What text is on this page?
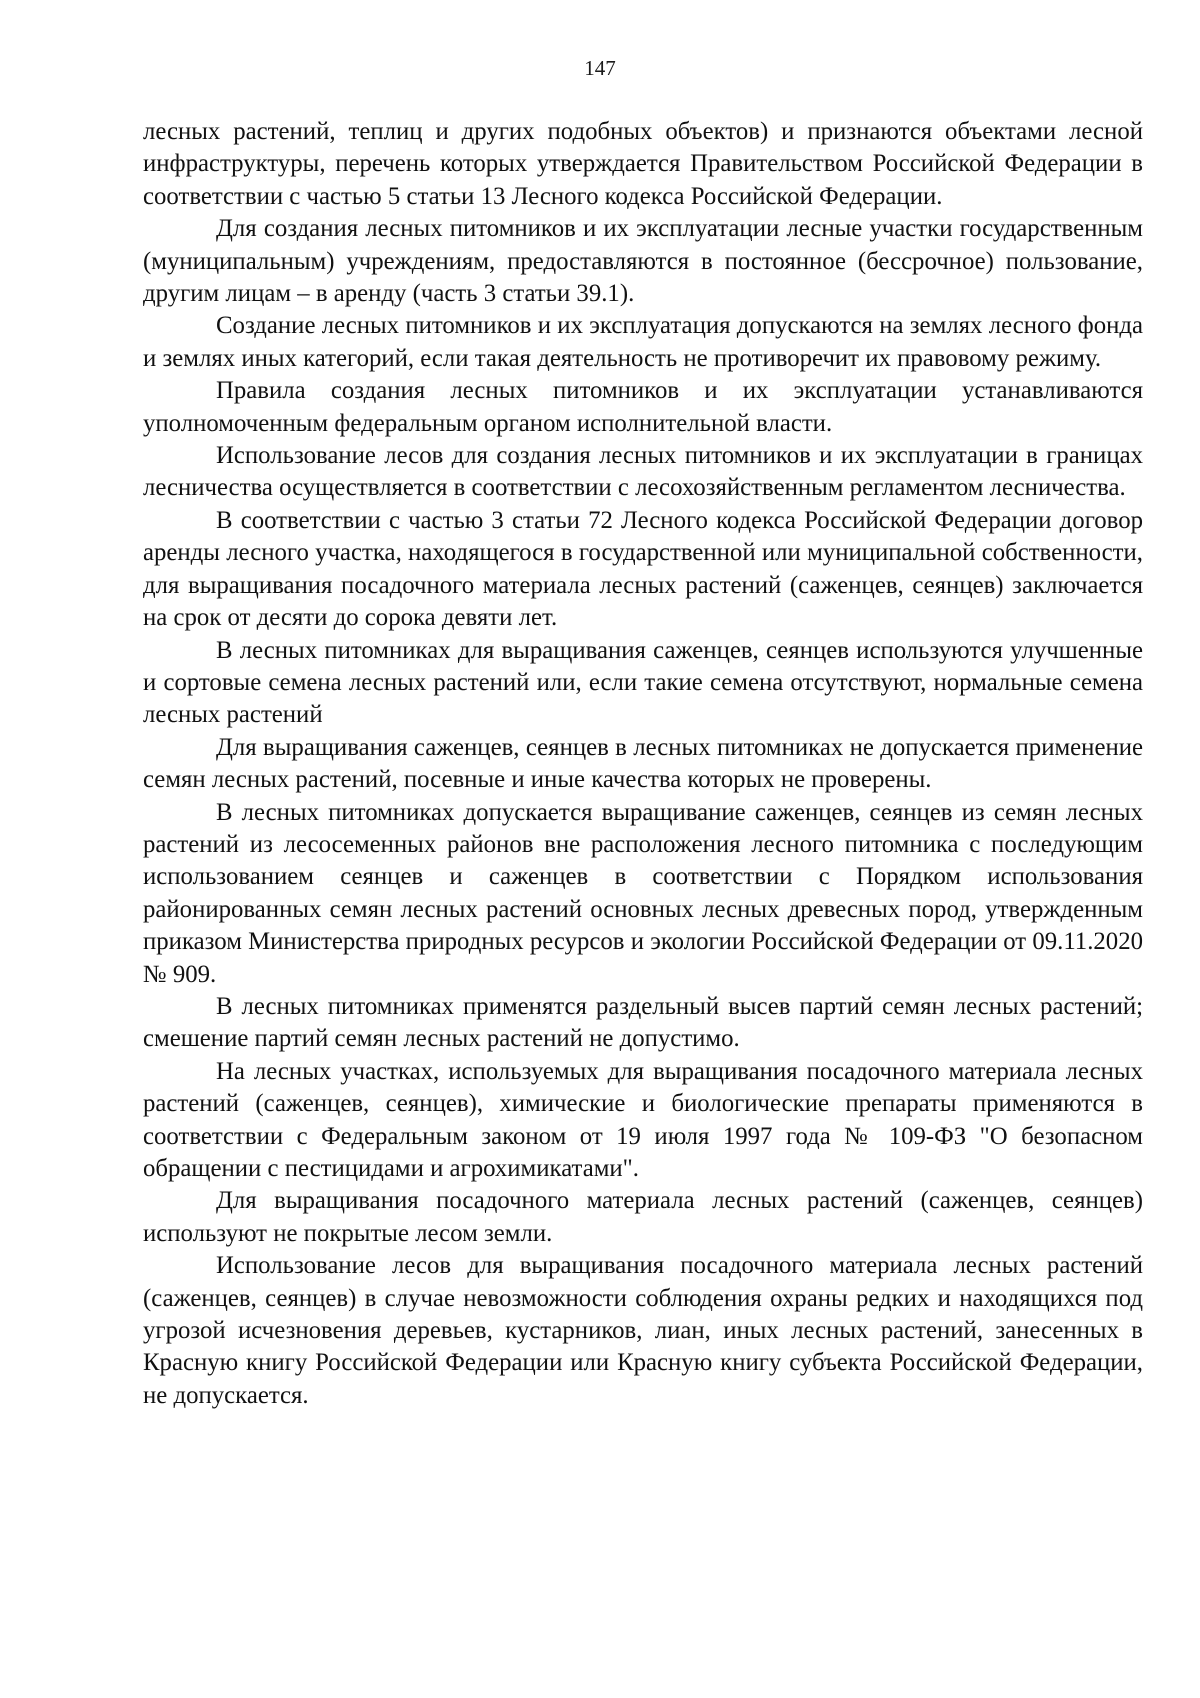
147

лесных растений, теплиц и других подобных объектов) и признаются объектами лесной инфраструктуры, перечень которых утверждается Правительством Российской Федерации в соответствии с частью 5 статьи 13 Лесного кодекса Российской Федерации.

Для создания лесных питомников и их эксплуатации лесные участки государственным (муниципальным) учреждениям, предоставляются в постоянное (бессрочное) пользование, другим лицам – в аренду (часть 3 статьи 39.1).

Создание лесных питомников и их эксплуатация допускаются на землях лесного фонда и землях иных категорий, если такая деятельность не противоречит их правовому режиму.

Правила создания лесных питомников и их эксплуатации устанавливаются уполномоченным федеральным органом исполнительной власти.

Использование лесов для создания лесных питомников и их эксплуатации в границах лесничества осуществляется в соответствии с лесохозяйственным регламентом лесничества.

В соответствии с частью 3 статьи 72 Лесного кодекса Российской Федерации договор аренды лесного участка, находящегося в государственной или муниципальной собственности, для выращивания посадочного материала лесных растений (саженцев, сеянцев) заключается на срок от десяти до сорока девяти лет.

В лесных питомниках для выращивания саженцев, сеянцев используются улучшенные и сортовые семена лесных растений или, если такие семена отсутствуют, нормальные семена лесных растений

Для выращивания саженцев, сеянцев в лесных питомниках не допускается применение семян лесных растений, посевные и иные качества которых не проверены.

В лесных питомниках допускается выращивание саженцев, сеянцев из семян лесных растений из лесосеменных районов вне расположения лесного питомника с последующим использованием сеянцев и саженцев в соответствии с Порядком использования районированных семян лесных растений основных лесных древесных пород, утвержденным приказом Министерства природных ресурсов и экологии Российской Федерации от 09.11.2020 № 909.

В лесных питомниках применятся раздельный высев партий семян лесных растений; смешение партий семян лесных растений не допустимо.

На лесных участках, используемых для выращивания посадочного материала лесных растений (саженцев, сеянцев), химические и биологические препараты применяются в соответствии с Федеральным законом от 19 июля 1997 года № 109-ФЗ "О безопасном обращении с пестицидами и агрохимикатами".

Для выращивания посадочного материала лесных растений (саженцев, сеянцев) используют не покрытые лесом земли.

Использование лесов для выращивания посадочного материала лесных растений (саженцев, сеянцев) в случае невозможности соблюдения охраны редких и находящихся под угрозой исчезновения деревьев, кустарников, лиан, иных лесных растений, занесенных в Красную книгу Российской Федерации или Красную книгу субъекта Российской Федерации, не допускается.
